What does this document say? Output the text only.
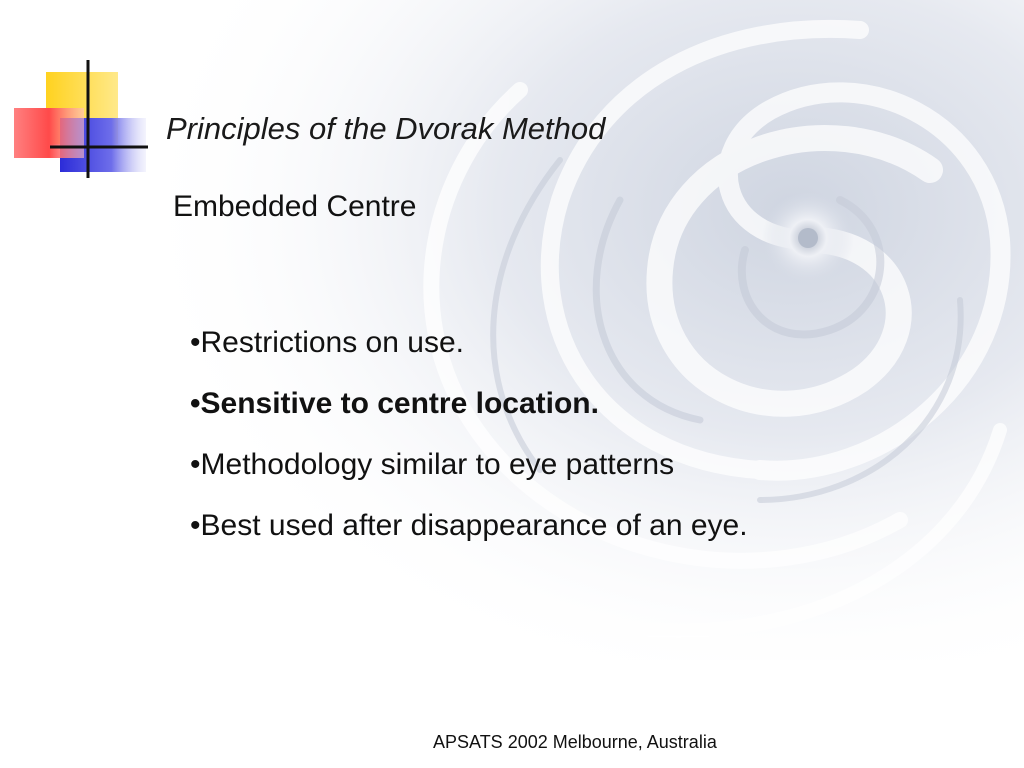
Principles of the Dvorak Method
Embedded Centre
•Restrictions on use.
•Sensitive to centre location.
•Methodology similar to eye patterns
•Best used after disappearance of an eye.
APSATS 2002 Melbourne, Australia
